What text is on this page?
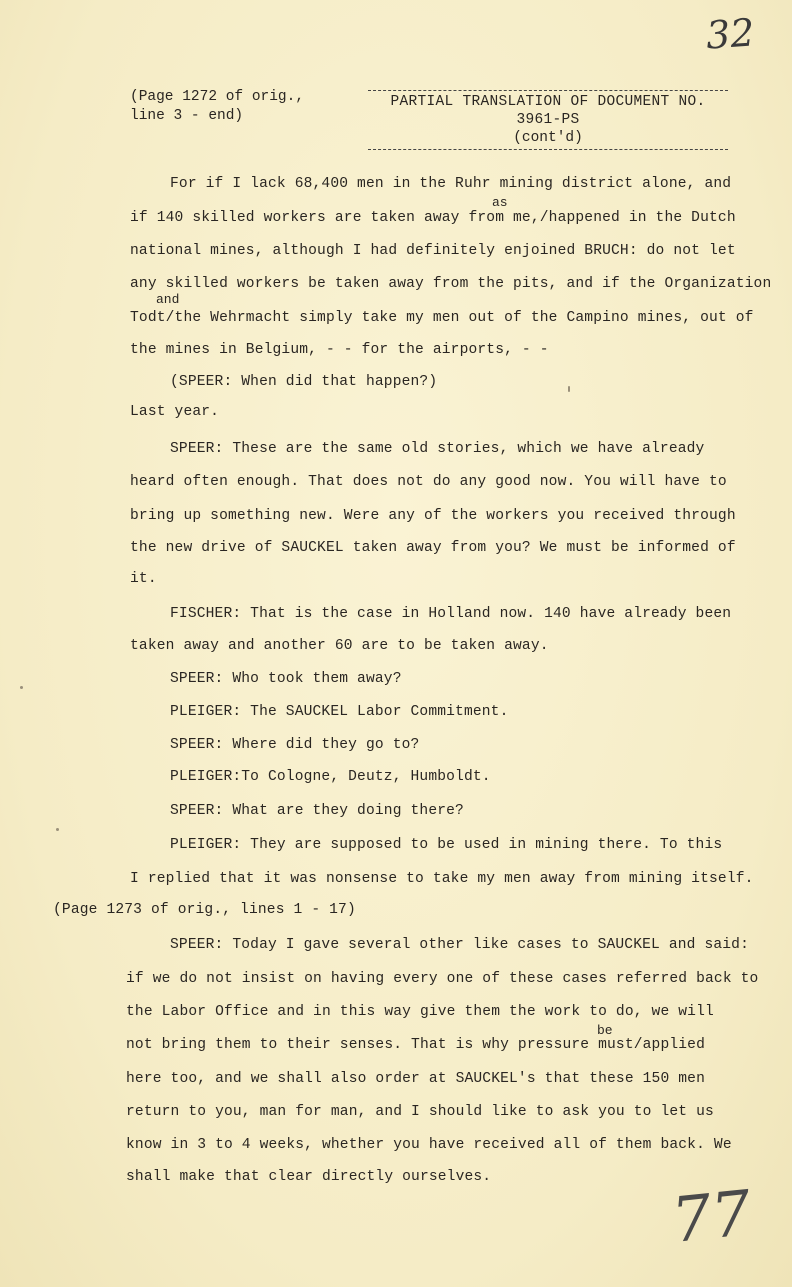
32
(Page 1272 of orig.,
line 3 - end)
PARTIAL TRANSLATION OF DOCUMENT NO. 3961-PS
(cont'd)
as
and
be
For if I lack 68,400 men in the Ruhr mining district alone, and
if 140 skilled workers are taken away from me,/happened in the Dutch
national mines, although I had definitely enjoined BRUCH: do not let
any skilled workers be taken away from the pits, and if the Organization
Todt/the Wehrmacht simply take my men out of the Campino mines, out of
the mines in Belgium, - - for the airports, - -
(SPEER: When did that happen?)
Last year.
SPEER: These are the same old stories, which we have already
heard often enough. That does not do any good now. You will have to
bring up something new. Were any of the workers you received through
the new drive of SAUCKEL taken away from you? We must be informed of
it.
FISCHER: That is the case in Holland now. 140 have already been
taken away and another 60 are to be taken away.
SPEER: Who took them away?
PLEIGER: The SAUCKEL Labor Commitment.
SPEER: Where did they go to?
PLEIGER:To Cologne, Deutz, Humboldt.
SPEER: What are they doing there?
PLEIGER: They are supposed to be used in mining there. To this
I replied that it was nonsense to take my men away from mining itself.
(Page 1273 of orig., lines 1 - 17)
SPEER: Today I gave several other like cases to SAUCKEL and said:
if we do not insist on having every one of these cases referred back to
the Labor Office and in this way give them the work to do, we will
not bring them to their senses. That is why pressure must/applied
here too, and we shall also order at SAUCKEL's that these 150 men
return to you, man for man, and I should like to ask you to let us
know in 3 to 4 weeks, whether you have received all of them back. We
shall make that clear directly ourselves.	77
